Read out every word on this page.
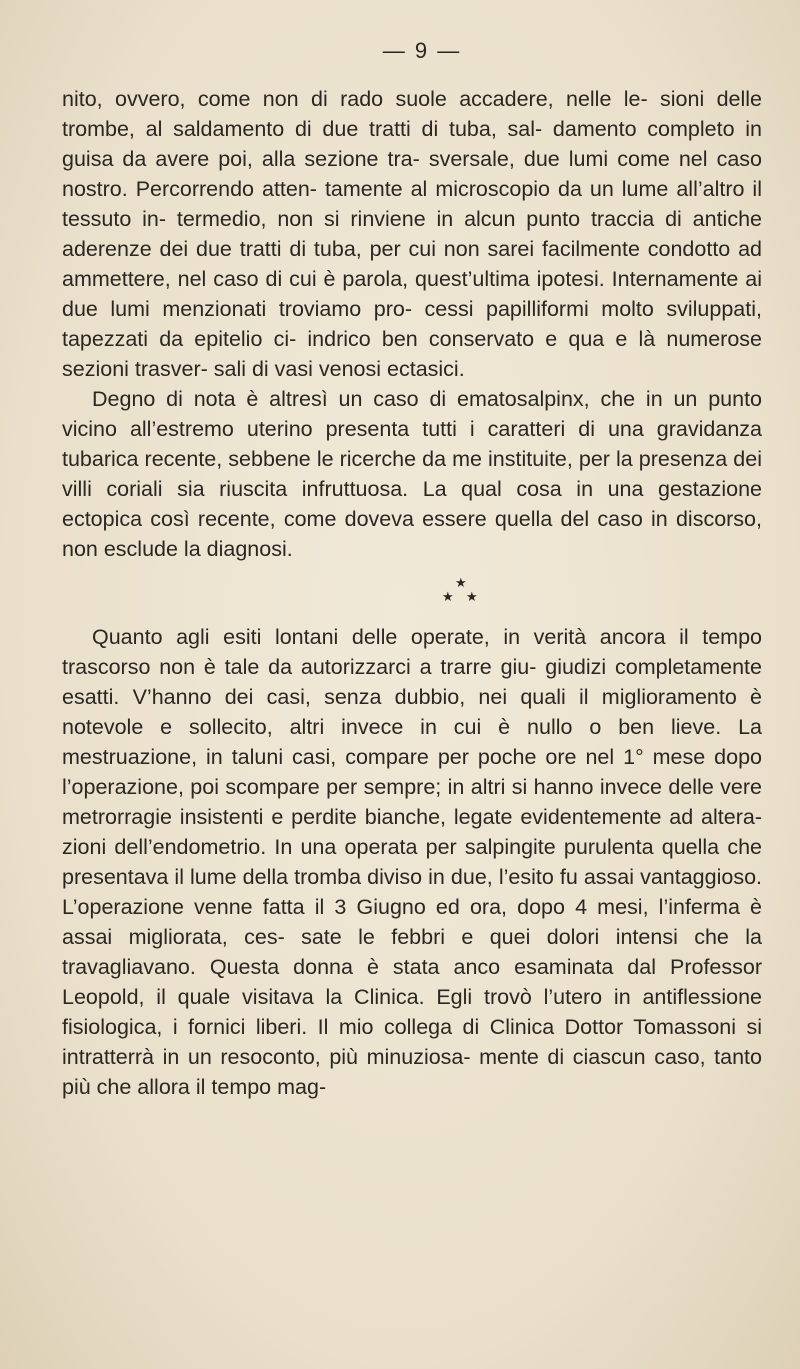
— 9 —

nito, ovvero, come non di rado suole accadere, nelle le- sioni delle trombe, al saldamento di due tratti di tuba, sal- damento completo in guisa da avere poi, alla sezione tra- sversale, due lumi come nel caso nostro. Percorrendo atten- tamente al microscopio da un lume all’altro il tessuto in- termedio, non si rinviene in alcun punto traccia di antiche aderenze dei due tratti di tuba, per cui non sarei facilmente condotto ad ammettere, nel caso di cui è parola, quest’ultima ipotesi. Internamente ai due lumi menzionati troviamo pro- cessi papilliformi molto sviluppati, tapezzati da epitelio ci- indrico ben conservato e qua e là numerose sezioni trasver- sali di vasi venosi ectasici.

Degno di nota è altresì un caso di ematosalpinx, che in un punto vicino all’estremo uterino presenta tutti i caratteri di una gravidanza tubarica recente, sebbene le ricerche da me instituite, per la presenza dei villi coriali sia riuscita infruttuosa. La qual cosa in una gestazione ectopica così recente, come doveva essere quella del caso in discorso, non esclude la diagnosi.

★
★ ★

Quanto agli esiti lontani delle operate, in verità ancora il tempo trascorso non è tale da autorizzarci a trarre giu- giudizi completamente esatti. V’hanno dei casi, senza dubbio, nei quali il miglioramento è notevole e sollecito, altri invece in cui è nullo o ben lieve. La mestruazione, in taluni casi, compare per poche ore nel 1° mese dopo l’operazione, poi scompare per sempre; in altri si hanno invece delle vere metrorragie insistenti e perdite bianche, legate evidentemente ad altera- zioni dell’endometrio. In una operata per salpingite purulenta quella che presentava il lume della tromba diviso in due, l’esito fu assai vantaggioso. L’operazione venne fatta il 3 Giugno ed ora, dopo 4 mesi, l’inferma è assai migliorata, ces- sate le febbri e quei dolori intensi che la travagliavano. Questa donna è stata anco esaminata dal Professor Leopold, il quale visitava la Clinica. Egli trovò l’utero in antiflessione fisiologica, i fornici liberi. Il mio collega di Clinica Dottor Tomassoni si intratterrà in un resoconto, più minuziosa- mente di ciascun caso, tanto più che allora il tempo mag-
